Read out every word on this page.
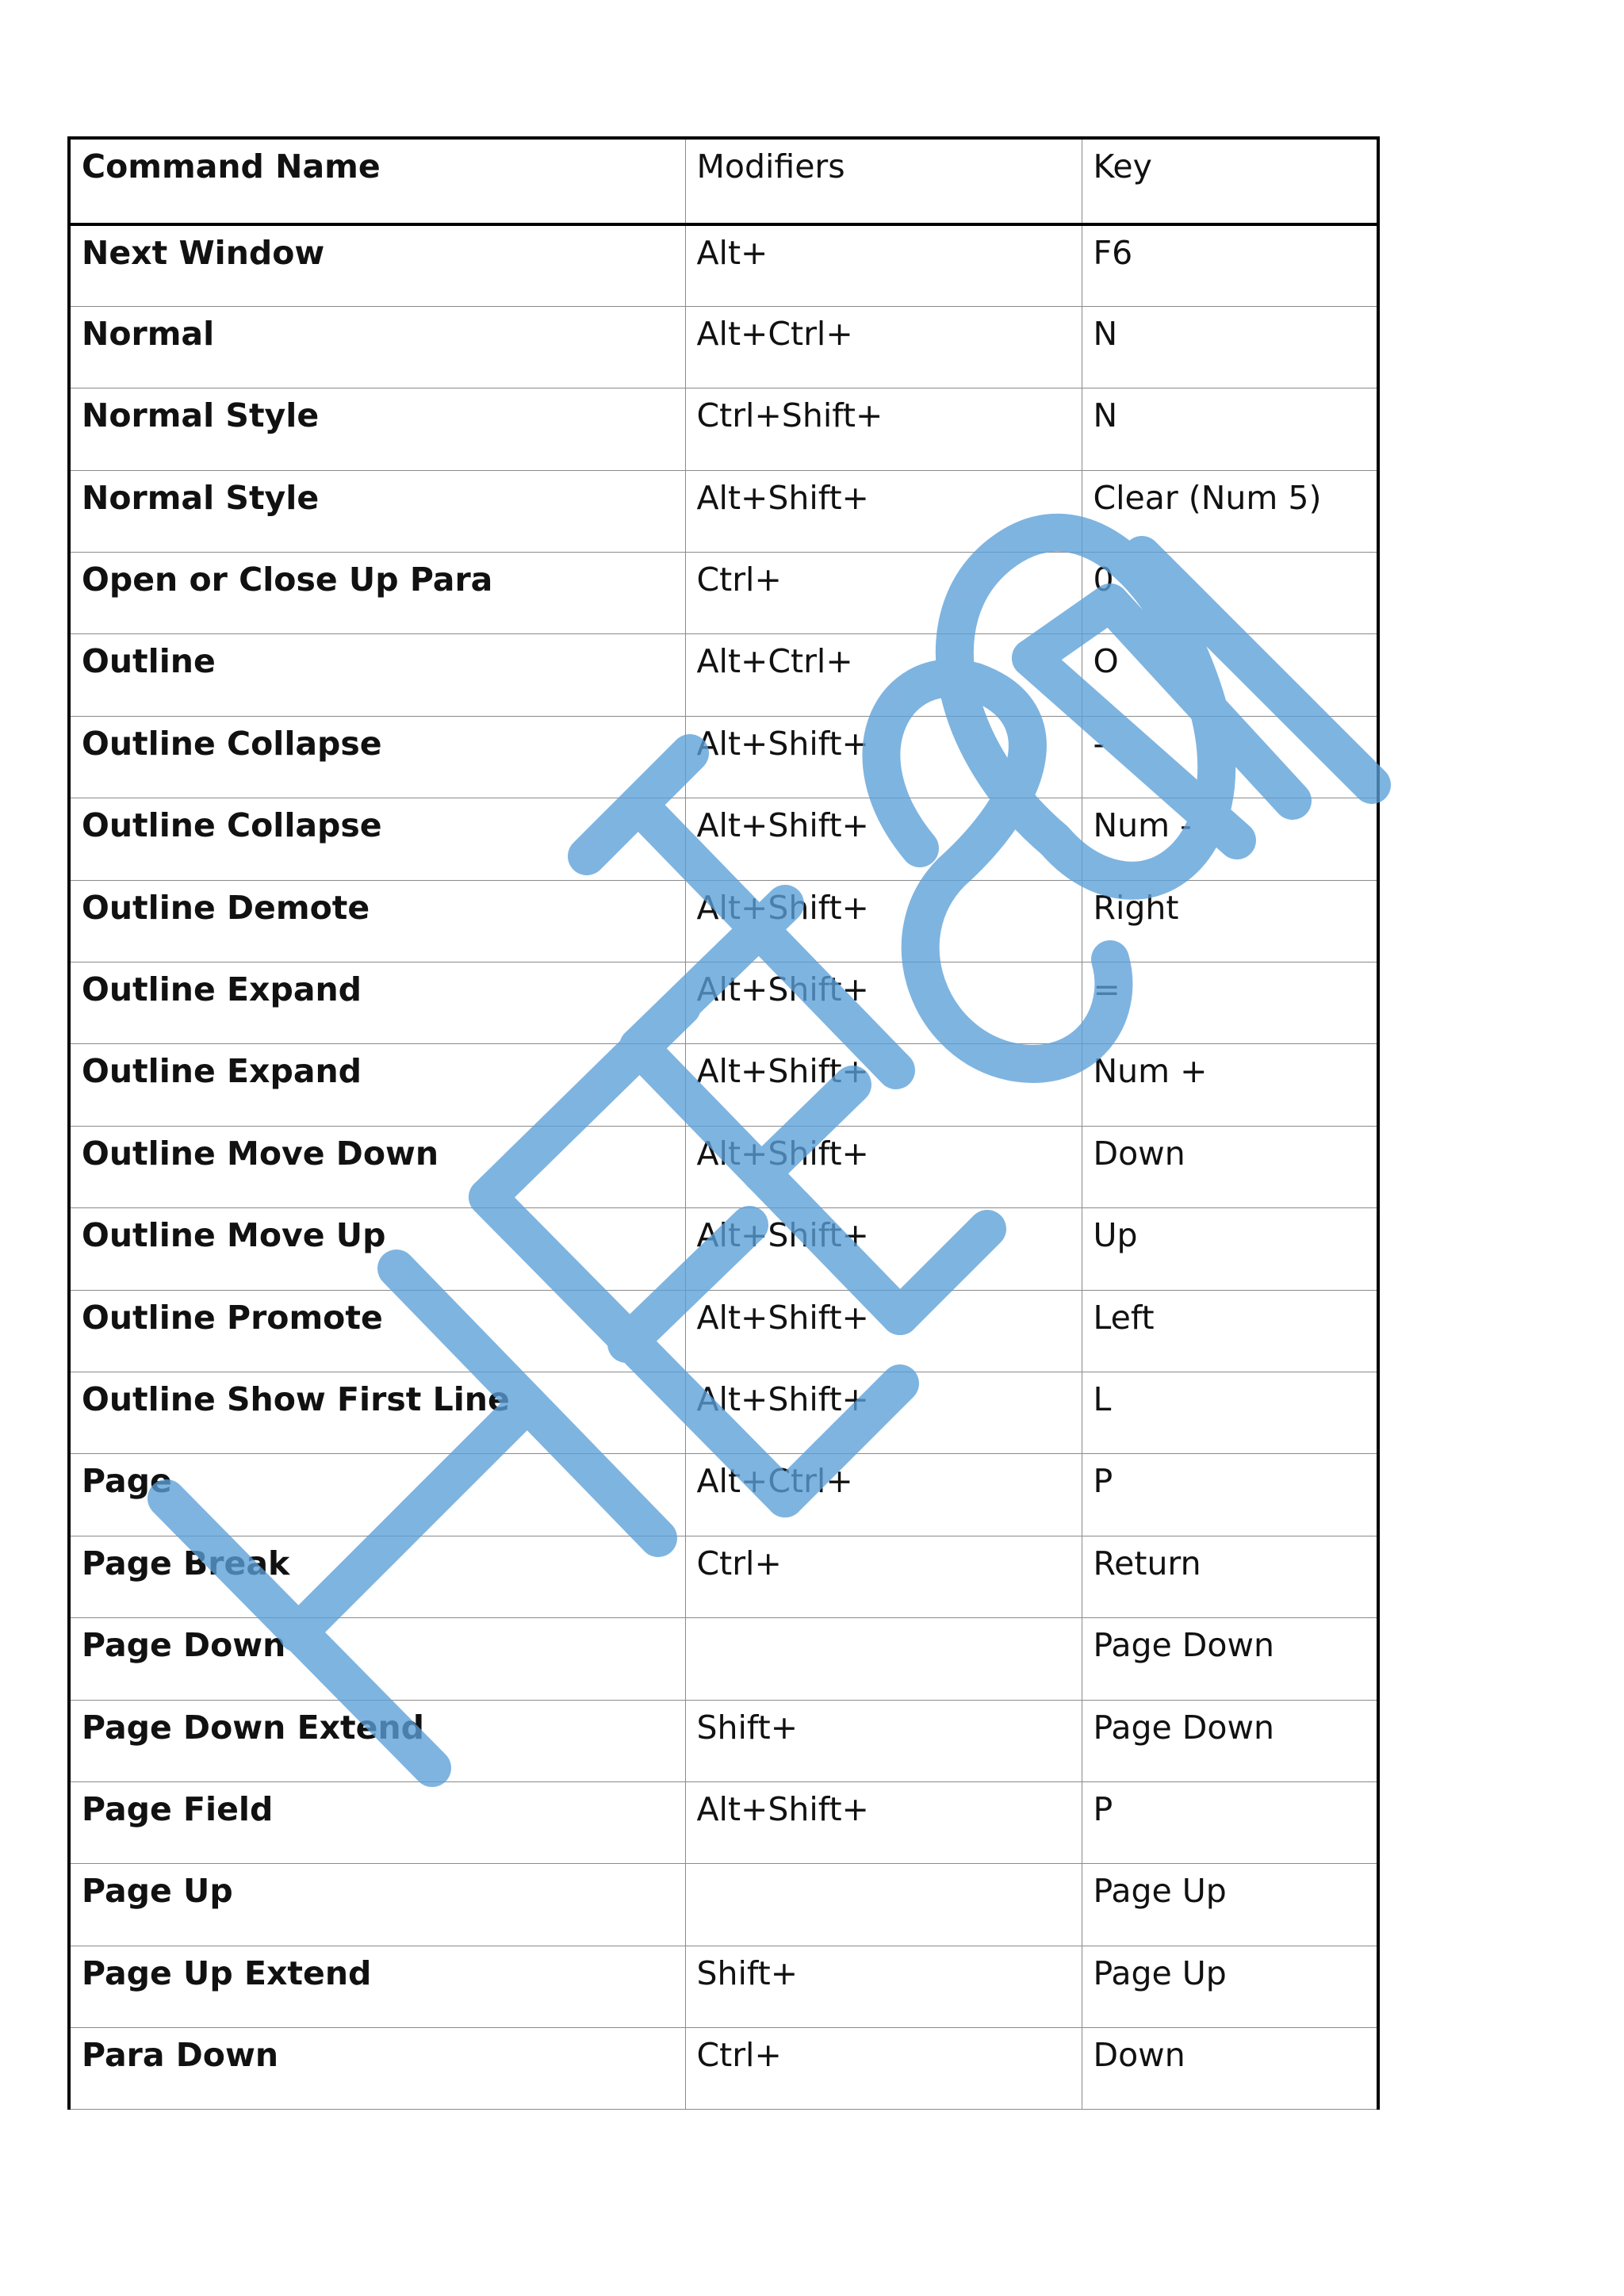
Command Name	Modifiers	Key

Next Window	Alt+	F6

Normal	Alt+Ctrl+	N

Normal Style	Ctrl+Shift+	N

Normal Style	Alt+Shift+	Clear (Num 5)

Open or Close Up Para	Ctrl+	0

Outline	Alt+Ctrl+	O

Outline Collapse	Alt+Shift+	-

Outline Collapse	Alt+Shift+	Num -

Outline Demote	Alt+Shift+	Right

Outline Expand	Alt+Shift+	=

Outline Expand	Alt+Shift+	Num +

Outline Move Down	Alt+Shift+	Down

Outline Move Up	Alt+Shift+	Up

Outline Promote	Alt+Shift+	Left

Outline Show First Line	Alt+Shift+	L

Page	Alt+Ctrl+	P

Page Break	Ctrl+	Return

Page Down		Page Down

Page Down Extend	Shift+	Page Down

Page Field	Alt+Shift+	P

Page Up		Page Up

Page Up Extend	Shift+	Page Up

Para Down	Ctrl+	Down
